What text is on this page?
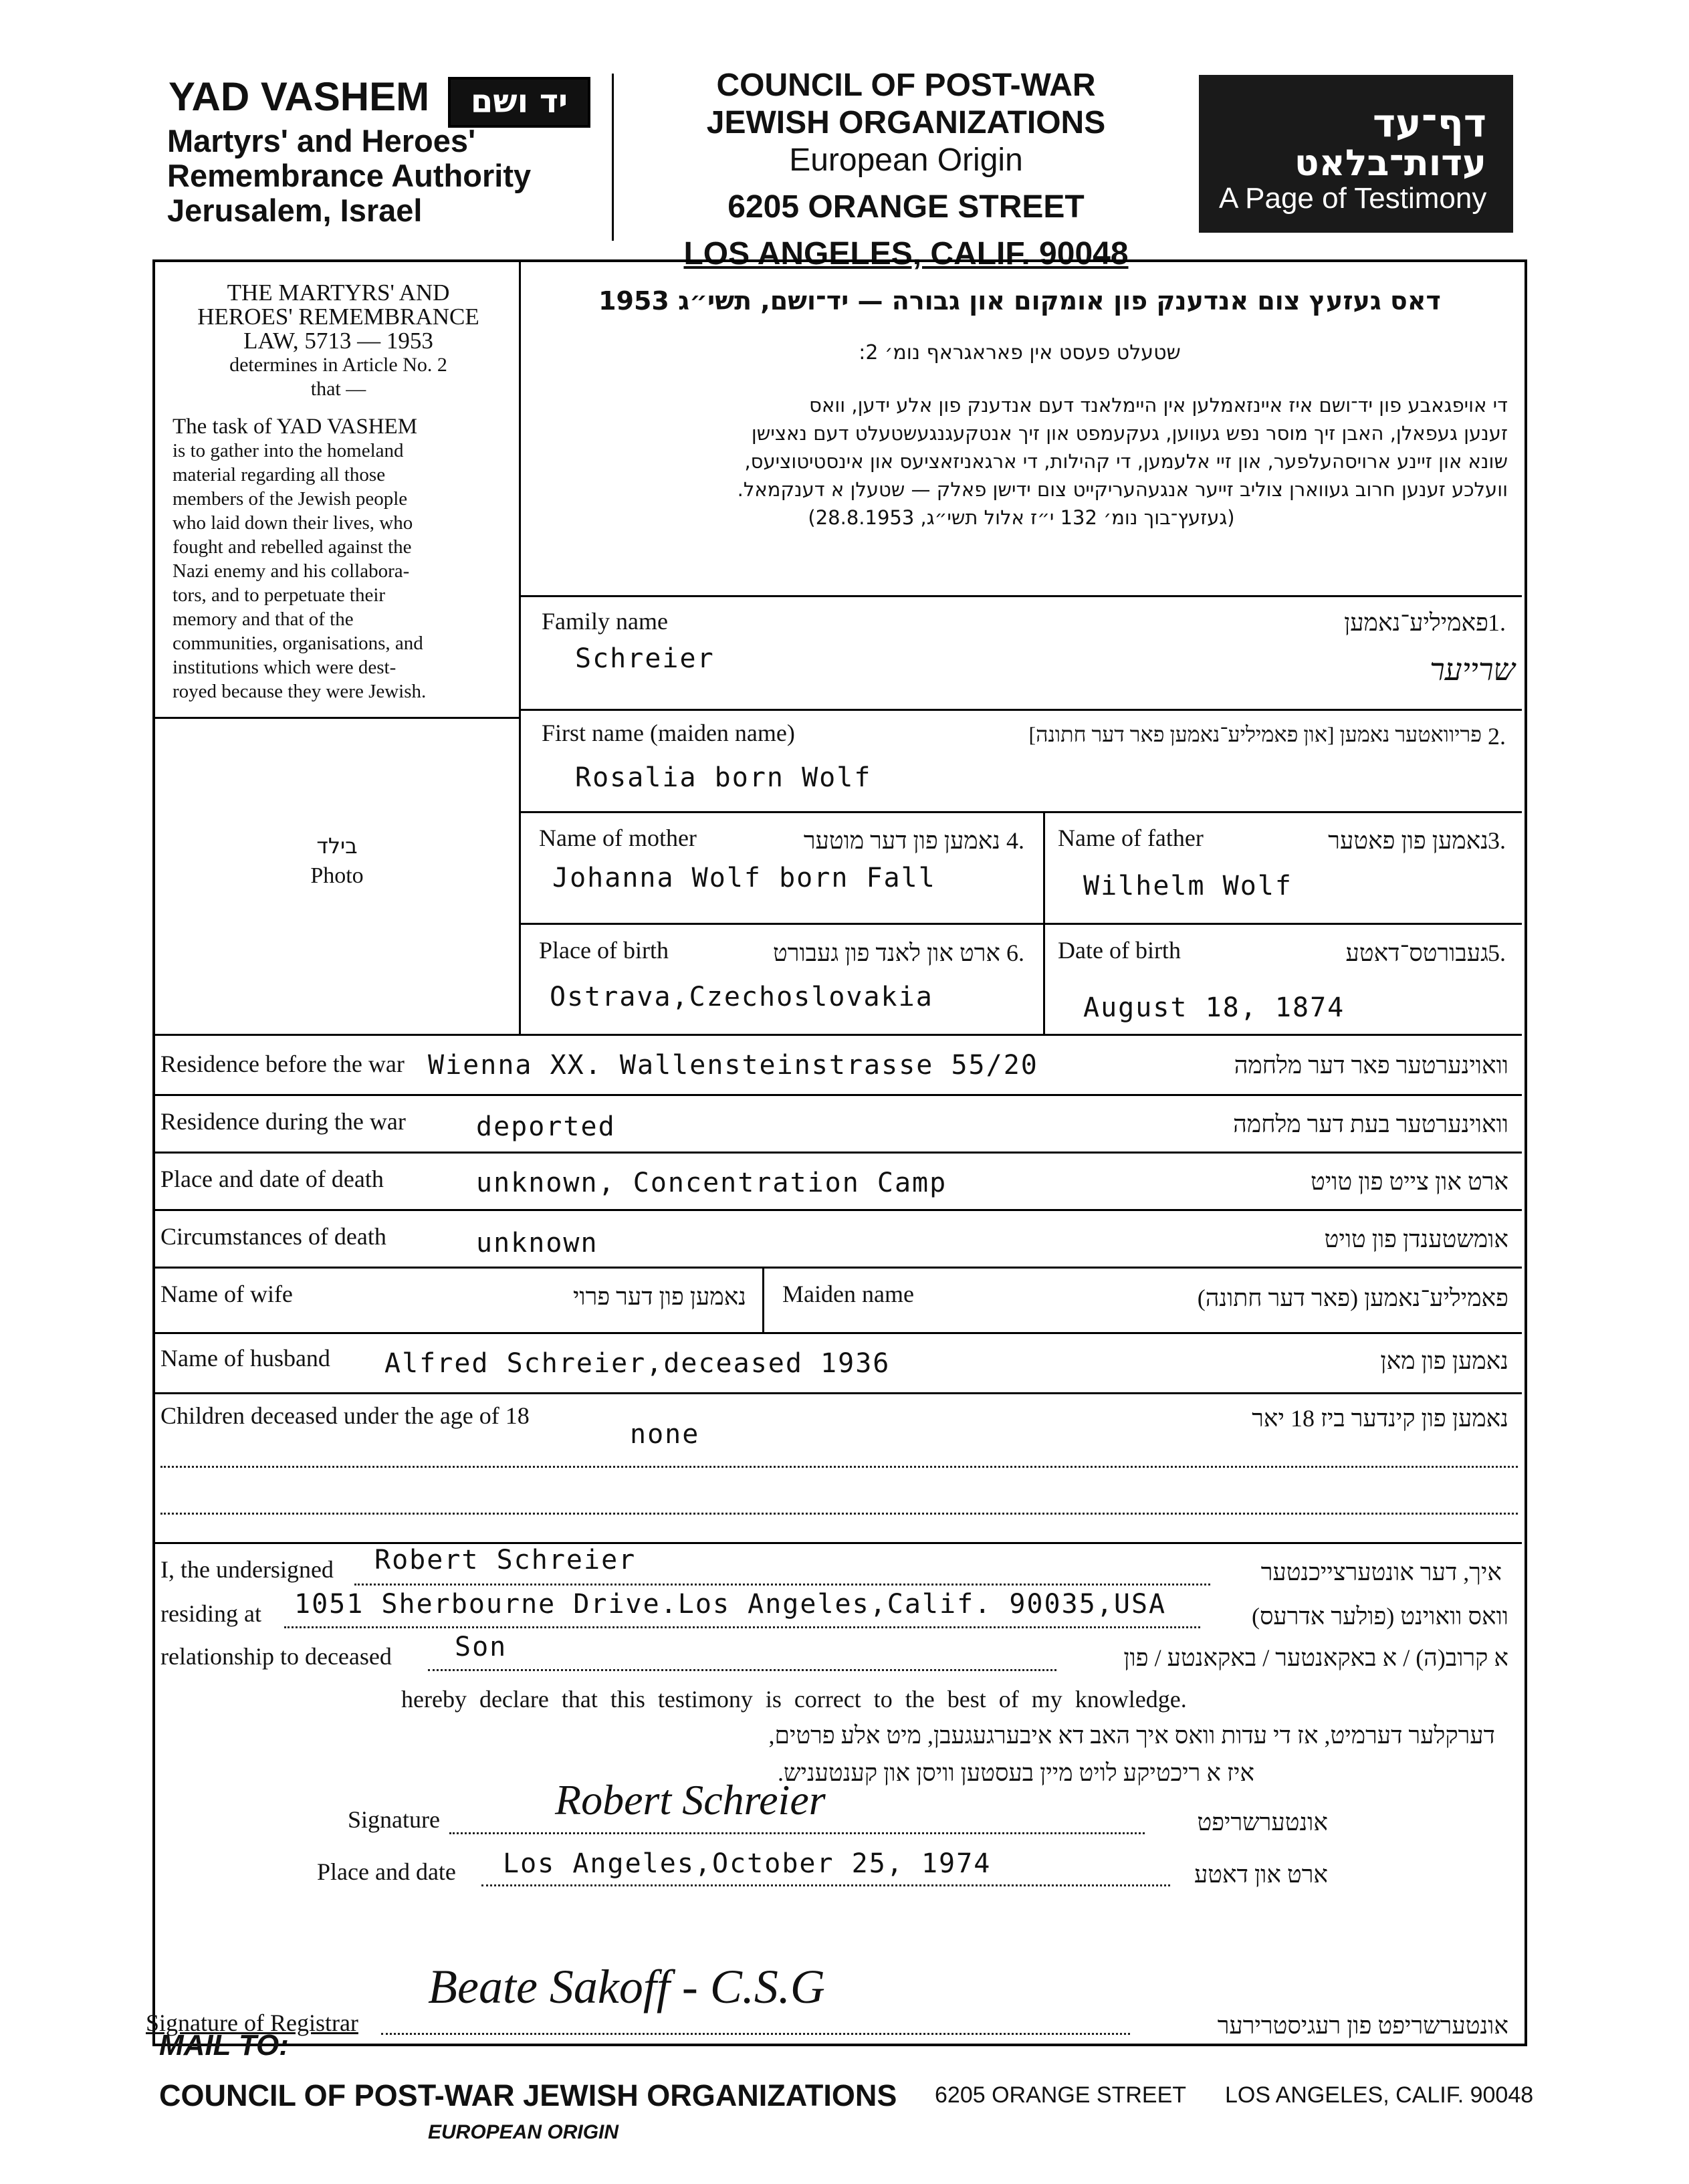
YAD VASHEM	יד ושם
Martyrs' and Heroes'
Remembrance Authority
Jerusalem, Israel
COUNCIL OF POST-WAR
JEWISH ORGANIZATIONS
European Origin
6205 ORANGE STREET
LOS ANGELES, CALIF. 90048
דף־עד
עדות־בלאט
A Page of Testimony
THE MARTYRS' AND
HEROES' REMEMBRANCE
LAW, 5713 — 1953
determines in Article No. 2
that —
The task of YAD VASHEM
is to gather into the homeland
material regarding all those
members of the Jewish people
who laid down their lives, who
fought and rebelled against the
Nazi enemy and his collabora-
tors, and to perpetuate their
memory and that of the
communities, organisations, and
institutions which were dest-
royed because they were Jewish.
בילד
Photo
דאס געזעץ צום אנדענק פון אומקום און גבורה — יד־ושם, תשי״ג 1953
שטעלט פעסט אין פאראגראף נומ׳ 2:
די אויפגאבע פון יד־ושם איז איינזאמלען אין היימלאנד דעם אנדענק פון אלע ידען, וואס
זענען געפאלן, האבן זיך מוסר נפש געווען, געקעמפט און זיך אנטקעגנגעשטעלט דעם נאצישן
שונא און זיינע ארויסהעלפער, און זיי אלעמען, די קהילות, די ארגאניזאציעס און אינסטיטוציעס,
וועלכע זענען חרוב געווארן צוליב זייער אנגעהעריקייט צום ידישן פאלק — שטעלן א דענקמאל.
(געזעץ־בוך נומ׳ 132 י״ז אלול תשי״ג, 28.8.1953)
Family name	פאמיליע־נאמען 1.
Schreier	שרייער
First name (maiden name)	פריוואטער נאמען [און פאמיליע־נאמען פאר דער חתונה] 2.
Rosalia born Wolf
Name of mother	נאמען פון דער מוטער 4.
Johanna Wolf born Fall
Name of father	נאמען פון פאטער 3.
Wilhelm Wolf
Place of birth	ארט און לאנד פון געבורט 6.
Ostrava,Czechoslovakia
Date of birth	געבורטס־דאטע 5.
August 18, 1874
Residence before the war Wienna XX. Wallensteinstrasse 55/20	וואוינערטער פאר דער מלחמה
Residence during the war	deported	וואוינערטער בעת דער מלחמה
Place and date of death	unknown, Concentration Camp	ארט און צייט פון טויט
Circumstances of death	unknown	אומשטענדן פון טויט
Name of wife	נאמען פון דער פרוי Maiden name	פאמיליע־נאמען (פאר דער חתונה)
Name of husband Alfred Schreier,deceased 1936	נאמען פון מאן
Children deceased under the age of 18
none
נאמען פון קינדער ביז 18 יאר
I, the undersigned Robert Schreier	איך, דער אונטערצייכנטער
residing at 1051 Sherbourne Drive.Los Angeles,Calif. 90035,USA	וואס וואוינט (פולער אדרעס)
relationship to deceased Son	א קרוב(ה) / א באקאנטער / באקאנטע / פון
hereby declare that this testimony is correct to the best of my knowledge.
דערקלער דערמיט, אז די עדות וואס איך האב דא איבערגעגעבן, מיט אלע פרטים,
איז א ריכטיקע לויט מיין בעסטען וויסן און קענטעניש.
Signature	Robert Schreier	אונטערשריפט
Place and date Los Angeles,October 25, 1974	ארט און דאטע
Signature of Registrar
Beate Sakoff - C.S.G
אונטערשריפט פון רעגיסטרירער
MAIL TO:
COUNCIL OF POST-WAR JEWISH ORGANIZATIONS
EUROPEAN ORIGIN
6205 ORANGE STREET LOS ANGELES, CALIF. 90048
